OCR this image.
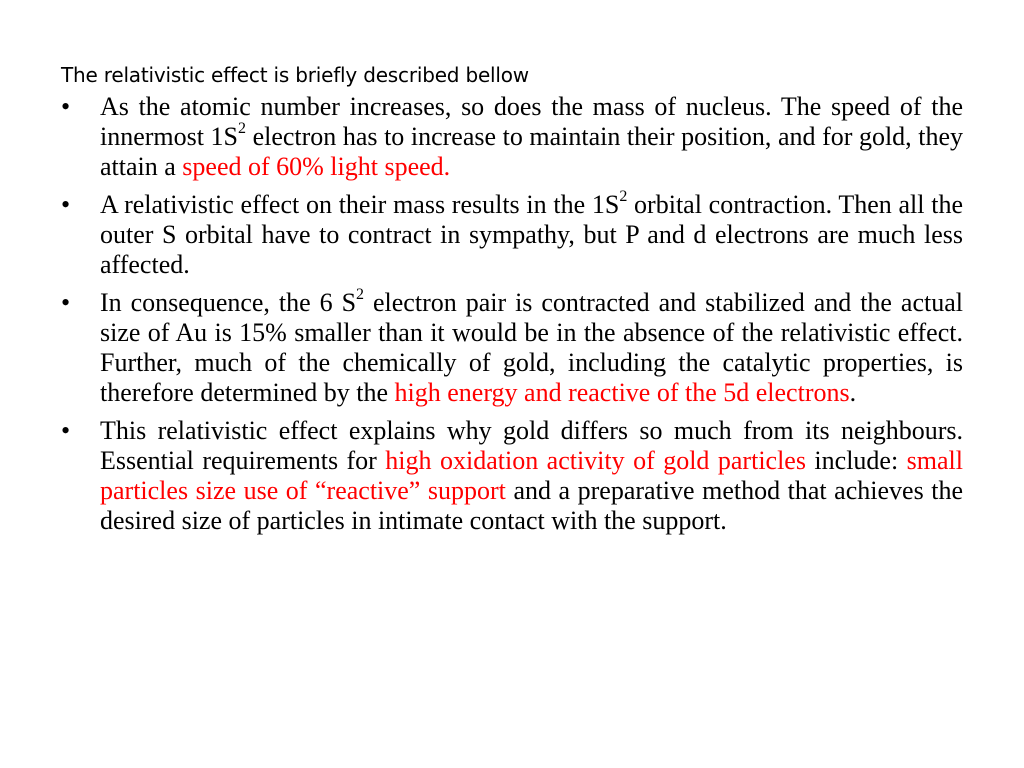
The relativistic effect is briefly described bellow

•	As the atomic number increases, so does the mass of nucleus. The speed of the innermost $1S^2$ electron has to increase to maintain their position, and for gold, they attain a speed of 60% light speed.
•	A relativistic effect on their mass results in the $1S^2$ orbital contraction. Then all the outer S orbital have to contract in sympathy, but P and d electrons are much less affected.
•	In consequence, the 6 $S^2$ electron pair is contracted and stabilized and the actual size of Au is 15% smaller than it would be in the absence of the relativistic effect. Further, much of the chemically of gold, including the catalytic properties, is therefore determined by the high energy and reactive of the 5d electrons.
•	This relativistic effect explains why gold differs so much from its neighbours. Essential requirements for high oxidation activity of gold particles include: small particles size use of “reactive” support and a preparative method that achieves the desired size of particles in intimate contact with the support.
